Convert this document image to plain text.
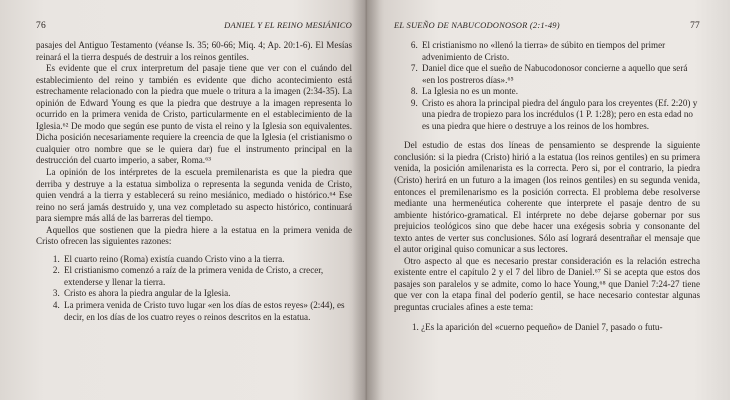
76	DANIEL Y EL REINO MESIÁNICO

pasajes del Antiguo Testamento (véanse Is. 35; 60-66; Miq. 4; Ap. 20:1-6). El Mesías reinará el la tierra después de destruir a los reinos gentiles.

Es evidente que el crux interpretum del pasaje tiene que ver con el cuándo del establecimiento del reino y también es evidente que dicho acontecimiento está estrechamente relacionado con la piedra que muele o tritura a la imagen (2:34-35). La opinión de Edward Young es que la piedra que destruye a la imagen representa lo ocurrido en la primera venida de Cristo, particularmente en el establecimiento de la Iglesia.⁶² De modo que según ese punto de vista el reino y la Iglesia son equivalentes. Dicha posición necesariamente requiere la creencia de que la Iglesia (el cristianismo o cualquier otro nombre que se le quiera dar) fue el instrumento principal en la destrucción del cuarto imperio, a saber, Roma.⁶³

La opinión de los intérpretes de la escuela premilenarista es que la piedra que derriba y destruye a la estatua simboliza o representa la segunda venida de Cristo, quien vendrá a la tierra y establecerá su reino mesiánico, mediado o histórico.⁶⁴ Ese reino no será jamás destruido y, una vez completado su aspecto histórico, continuará para siempre más allá de las barreras del tiempo.

Aquellos que sostienen que la piedra hiere a la estatua en la primera venida de Cristo ofrecen las siguientes razones:

1. El cuarto reino (Roma) existía cuando Cristo vino a la tierra.
2. El cristianismo comenzó a raíz de la primera venida de Cristo, a crecer, extenderse y llenar la tierra.
3. Cristo es ahora la piedra angular de la Iglesia.
4. La primera venida de Cristo tuvo lugar «en los días de estos reyes» (2:44), es decir, en los días de los cuatro reyes o reinos descritos en la estatua.
EL SUEÑO DE NABUCODONOSOR (2:1-49)	77
6. El cristianismo no «llenó la tierra» de súbito en tiempos del primer advenimiento de Cristo.
7. Daniel dice que el sueño de Nabucodonosor concierne a aquello que será «en los postreros días».⁶⁵
8. La Iglesia no es un monte.
9. Cristo es ahora la principal piedra del ángulo para los creyentes (Ef. 2:20) y una piedra de tropiezo para los incrédulos (1 P. 1:28); pero en esta edad no es una piedra que hiere o destruye a los reinos de los hombres.

Del estudio de estas dos líneas de pensamiento se desprende la siguiente conclusión: si la piedra (Cristo) hirió a la estatua (los reinos gentiles) en su primera venida, la posición amilenarista es la correcta. Pero si, por el contrario, la piedra (Cristo) herirá en un futuro a la imagen (los reinos gentiles) en su segunda venida, entonces el premilenarismo es la posición correcta. El problema debe resolverse mediante una hermenéutica coherente que interprete el pasaje dentro de su ambiente histórico-gramatical. El intérprete no debe dejarse gobernar por sus prejuicios teológicos sino que debe hacer una exégesis sobria y consonante del texto antes de verter sus conclusiones. Sólo así logrará desentrañar el mensaje que el autor original quiso comunicar a sus lectores.

Otro aspecto al que es necesario prestar consideración es la relación estrecha existente entre el capítulo 2 y el 7 del libro de Daniel.⁶⁷ Si se acepta que estos dos pasajes son paralelos y se admite, como lo hace Young,⁶⁸ que Daniel 7:24-27 tiene que ver con la etapa final del poderío gentil, se hace necesario contestar algunas preguntas cruciales afines a este tema:

1. ¿Es la aparición del «cuerno pequeño» de Daniel 7, pasado o futu-
